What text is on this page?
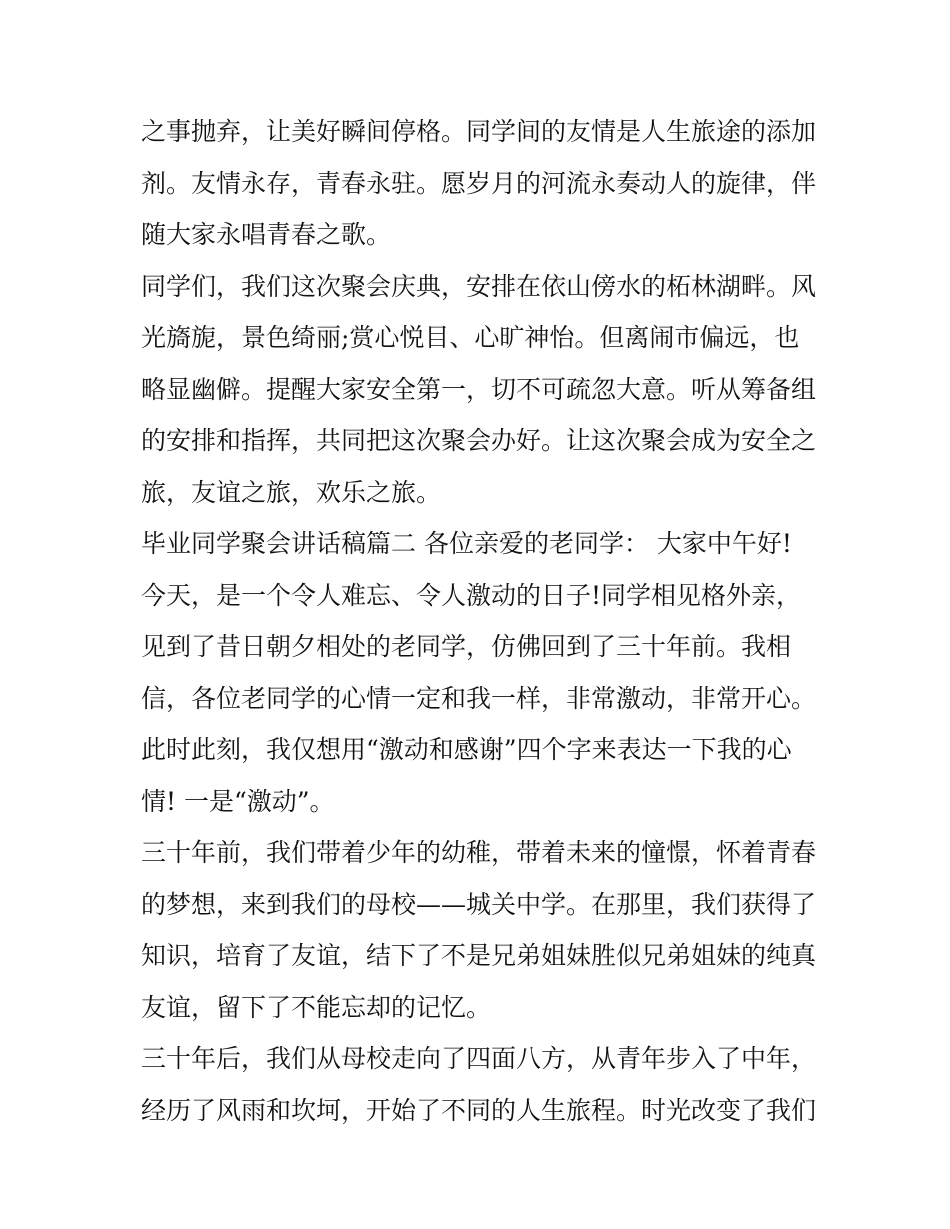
之事抛弃，让美好瞬间停格。同学间的友情是人生旅途的添加
剂。友情永存，青春永驻。愿岁月的河流永奏动人的旋律，伴
随大家永唱青春之歌。
同学们，我们这次聚会庆典，安排在依山傍水的柘林湖畔。风
光旖旎，景色绮丽;赏心悦目、心旷神怡。但离闹市偏远，也
略显幽僻。提醒大家安全第一，切不可疏忽大意。听从筹备组
的安排和指挥，共同把这次聚会办好。让这次聚会成为安全之
旅，友谊之旅，欢乐之旅。
毕业同学聚会讲话稿篇二 各位亲爱的老同学： 大家中午好!
今天，是一个令人难忘、令人激动的日子!同学相见格外亲，
见到了昔日朝夕相处的老同学，仿佛回到了三十年前。我相
信，各位老同学的心情一定和我一样，非常激动，非常开心。
此时此刻，我仅想用“激动和感谢”四个字来表达一下我的心
情! 一是“激动”。
三十年前，我们带着少年的幼稚，带着未来的憧憬，怀着青春
的梦想，来到我们的母校——城关中学。在那里，我们获得了
知识，培育了友谊，结下了不是兄弟姐妹胜似兄弟姐妹的纯真
友谊，留下了不能忘却的记忆。
三十年后，我们从母校走向了四面八方，从青年步入了中年，
经历了风雨和坎坷，开始了不同的人生旅程。时光改变了我们
